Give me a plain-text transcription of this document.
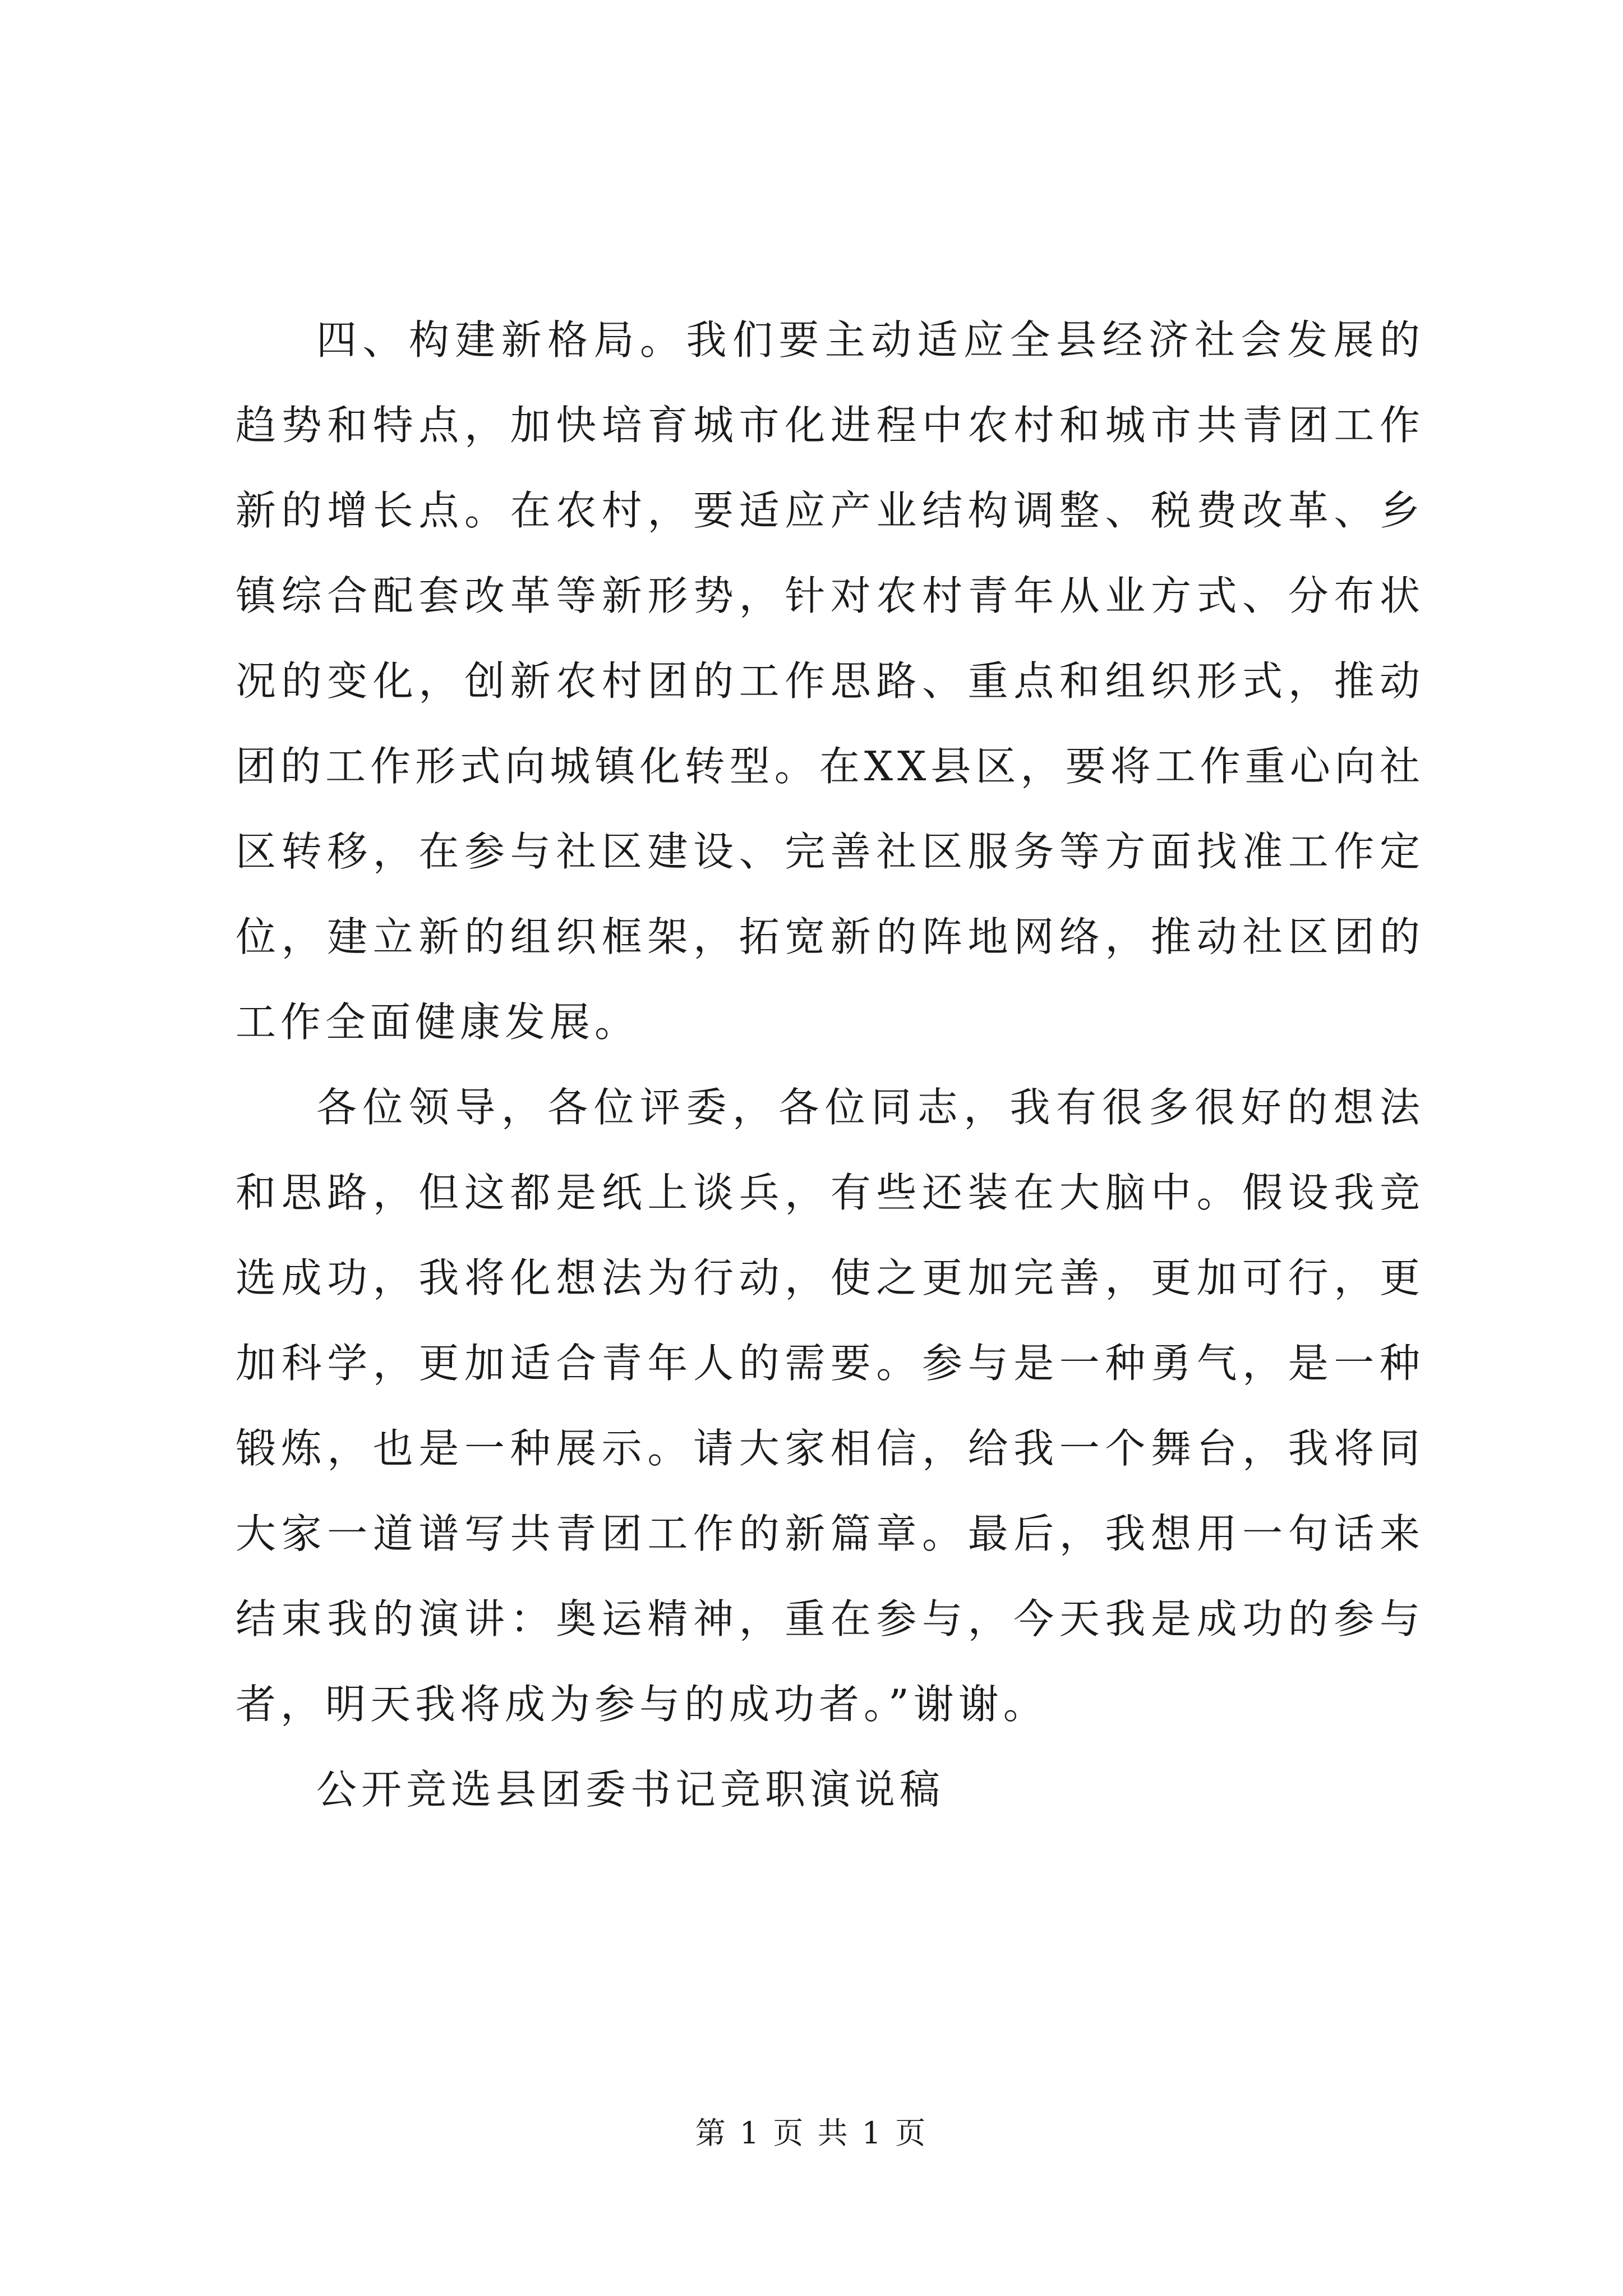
四、构建新格局。我们要主动适应全县经济社会发展的趋势和特点，加快培育城市化进程中农村和城市共青团工作新的增长点。在农村，要适应产业结构调整、税费改革、乡镇综合配套改革等新形势，针对农村青年从业方式、分布状况的变化，创新农村团的工作思路、重点和组织形式，推动团的工作形式向城镇化转型。在XX县区，要将工作重心向社区转移，在参与社区建设、完善社区服务等方面找准工作定位，建立新的组织框架，拓宽新的阵地网络，推动社区团的工作全面健康发展。

各位领导，各位评委，各位同志，我有很多很好的想法和思路，但这都是纸上谈兵，有些还装在大脑中。假设我竞选成功，我将化想法为行动，使之更加完善，更加可行，更加科学，更加适合青年人的需要。参与是一种勇气，是一种锻炼，也是一种展示。请大家相信，给我一个舞台，我将同大家一道谱写共青团工作的新篇章。最后，我想用一句话来结束我的演讲：奥运精神，重在参与，今天我是成功的参与者，明天我将成为参与的成功者。”谢谢。

公开竞选县团委书记竞职演说稿

第 1 页 共 1 页
